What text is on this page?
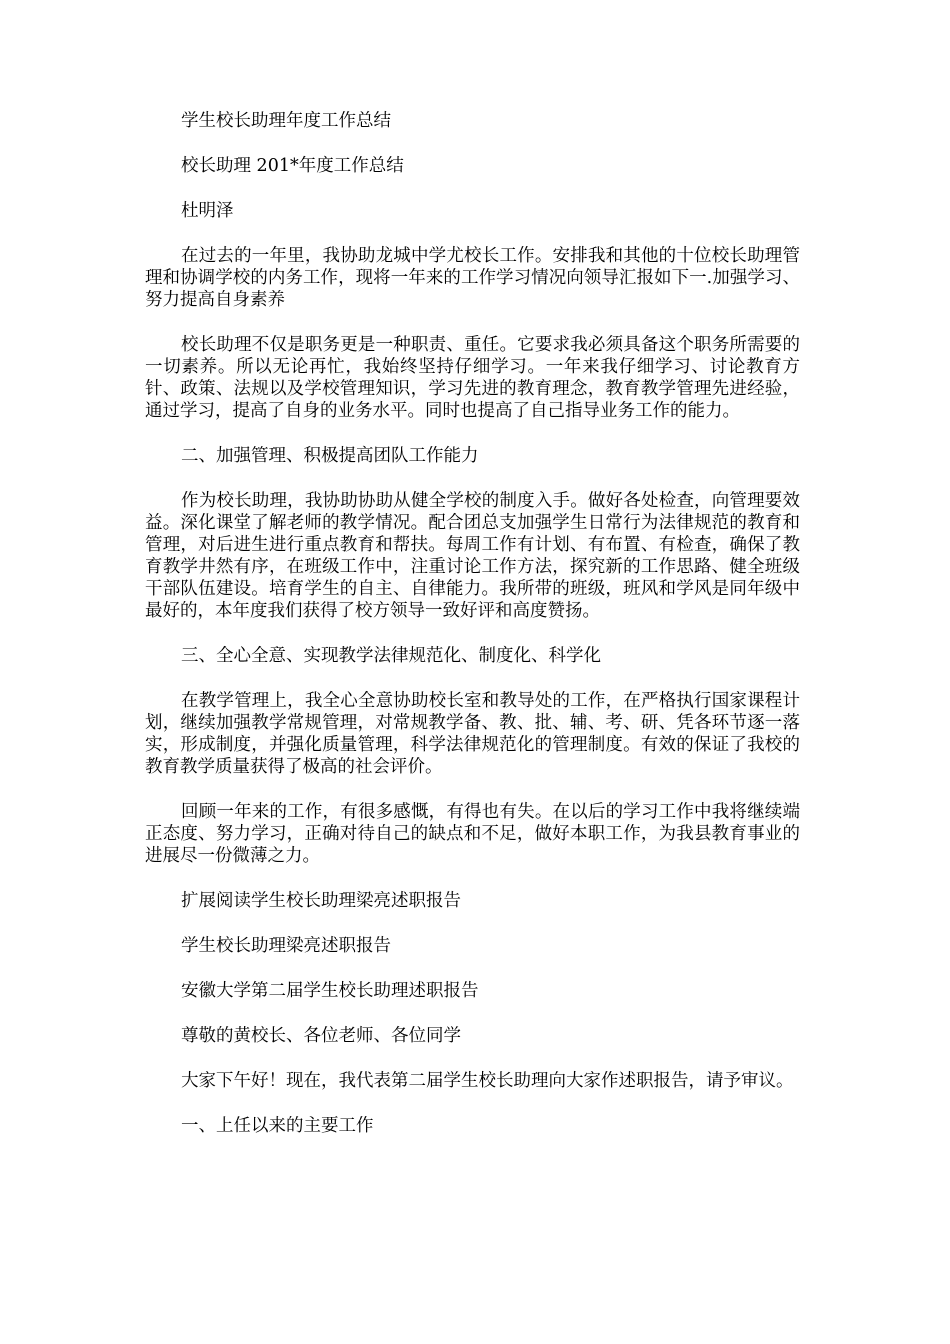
学生校长助理年度工作总结

校长助理 201*年度工作总结

杜明泽

在过去的一年里，我协助龙城中学尤校长工作。安排我和其他的十位校长助理管理和协调学校的内务工作，现将一年来的工作学习情况向领导汇报如下一.加强学习、努力提高自身素养

校长助理不仅是职务更是一种职责、重任。它要求我必须具备这个职务所需要的一切素养。所以无论再忙，我始终坚持仔细学习。一年来我仔细学习、讨论教育方针、政策、法规以及学校管理知识，学习先进的教育理念，教育教学管理先进经验，通过学习，提高了自身的业务水平。同时也提高了自己指导业务工作的能力。

二、加强管理、积极提高团队工作能力

作为校长助理，我协助协助从健全学校的制度入手。做好各处检查，向管理要效益。深化课堂了解老师的教学情况。配合团总支加强学生日常行为法律规范的教育和管理，对后进生进行重点教育和帮扶。每周工作有计划、有布置、有检查，确保了教育教学井然有序，在班级工作中，注重讨论工作方法，探究新的工作思路、健全班级干部队伍建设。培育学生的自主、自律能力。我所带的班级，班风和学风是同年级中最好的，本年度我们获得了校方领导一致好评和高度赞扬。

三、全心全意、实现教学法律规范化、制度化、科学化

在教学管理上，我全心全意协助校长室和教导处的工作，在严格执行国家课程计划，继续加强教学常规管理，对常规教学备、教、批、辅、考、研、凭各环节逐一落实，形成制度，并强化质量管理，科学法律规范化的管理制度。有效的保证了我校的教育教学质量获得了极高的社会评价。

回顾一年来的工作，有很多感慨，有得也有失。在以后的学习工作中我将继续端正态度、努力学习，正确对待自己的缺点和不足，做好本职工作，为我县教育事业的进展尽一份微薄之力。

扩展阅读学生校长助理梁亮述职报告

学生校长助理梁亮述职报告

安徽大学第二届学生校长助理述职报告

尊敬的黄校长、各位老师、各位同学

大家下午好！现在，我代表第二届学生校长助理向大家作述职报告，请予审议。

一、上任以来的主要工作
